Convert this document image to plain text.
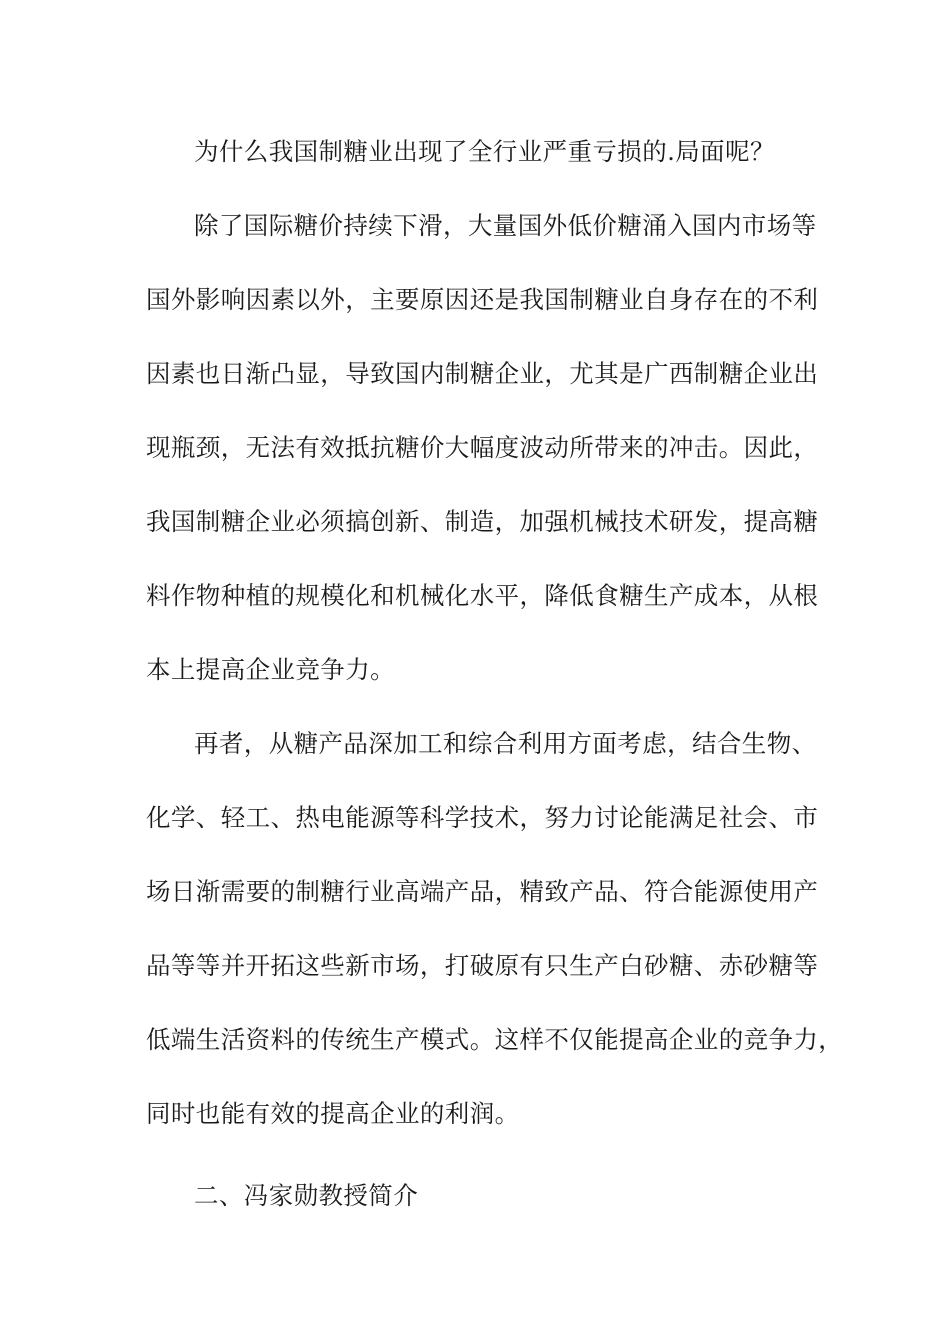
为什么我国制糖业出现了全行业严重亏损的.局面呢？
除了国际糖价持续下滑，大量国外低价糖涌入国内市场等
国外影响因素以外，主要原因还是我国制糖业自身存在的不利
因素也日渐凸显，导致国内制糖企业，尤其是广西制糖企业出
现瓶颈，无法有效抵抗糖价大幅度波动所带来的冲击。因此，
我国制糖企业必须搞创新、制造，加强机械技术研发，提高糖
料作物种植的规模化和机械化水平，降低食糖生产成本，从根
本上提高企业竞争力。
再者，从糖产品深加工和综合利用方面考虑，结合生物、
化学、轻工、热电能源等科学技术，努力讨论能满足社会、市
场日渐需要的制糖行业高端产品，精致产品、符合能源使用产
品等等并开拓这些新市场，打破原有只生产白砂糖、赤砂糖等
低端生活资料的传统生产模式。这样不仅能提高企业的竞争力，
同时也能有效的提高企业的利润。
二、冯家勋教授简介
